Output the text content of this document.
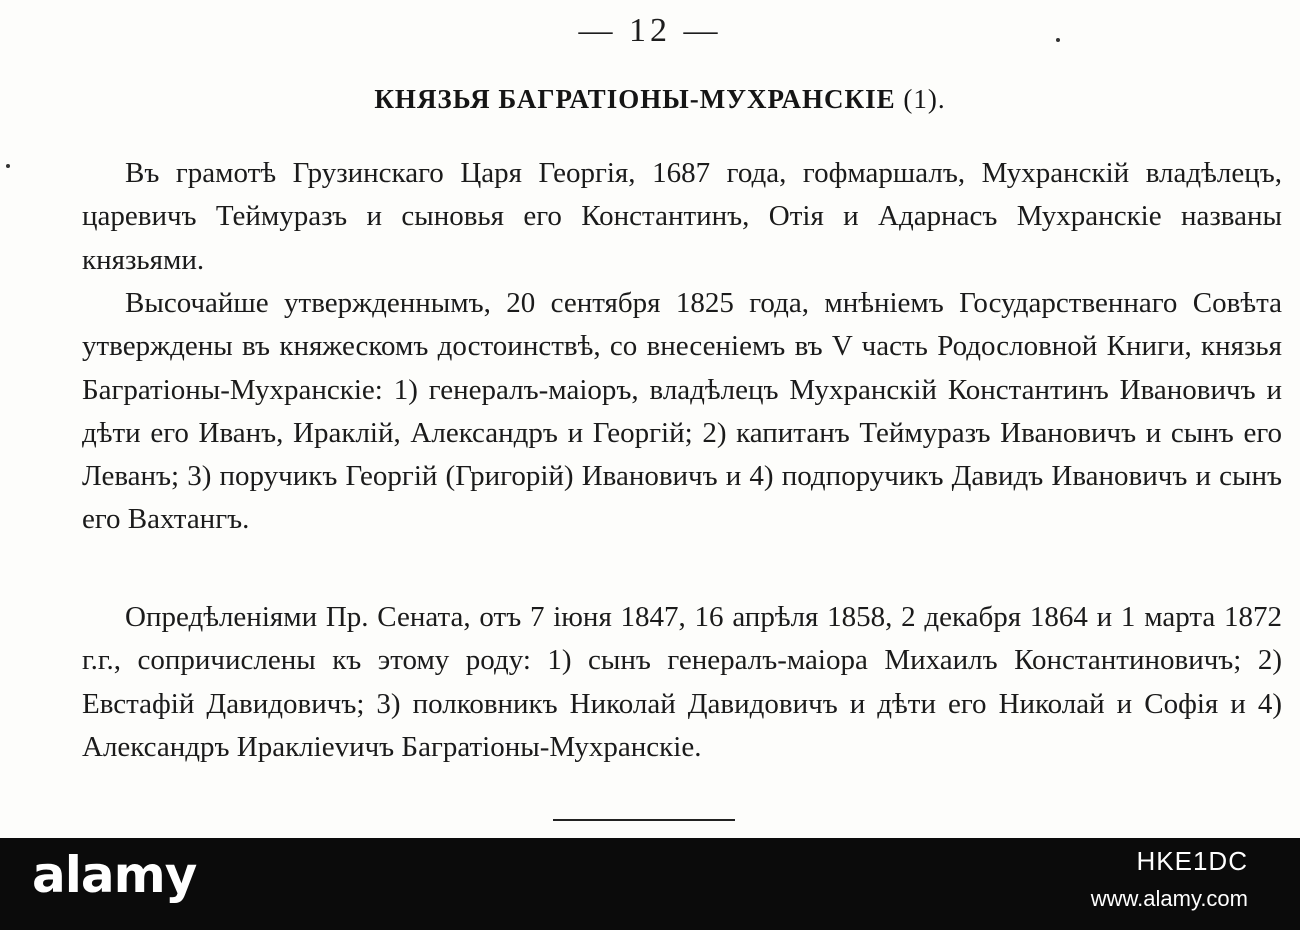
— 12 —
КНЯЗЬЯ БАГРАТІОНЫ-МУХРАНСКІЕ (1).

Въ грамотѣ Грузинскаго Царя Георгія, 1687 года, гофмаршалъ, Мухранскій владѣлецъ, царевичъ Теймуразъ и сыновья его Константинъ, Отія и Адарнасъ Мухранскіе названы князьями.

Высочайше утвержденнымъ, 20 сентября 1825 года, мнѣніемъ Государственнаго Совѣта утверждены въ княжескомъ достоинствѣ, со внесеніемъ въ V часть Родословной Книги, князья Багратіоны-Мухранскіе: 1) генералъ-маіоръ, владѣлецъ Мухранскій Константинъ Ивановичъ и дѣти его Иванъ, Ираклій, Александръ и Георгій; 2) капитанъ Теймуразъ Ивановичъ и сынъ его Леванъ; 3) поручикъ Георгій (Григорій) Ивановичъ и 4) подпоручикъ Давидъ Ивановичъ и сынъ его Вахтангъ.

Опредѣленіями Пр. Сената, отъ 7 іюня 1847, 16 апрѣля 1858, 2 декабря 1864 и 1 марта 1872 г.г., сопричислены къ этому роду: 1) сынъ генералъ-маіора Михаилъ Константиновичъ; 2) Евстафій Давидовичъ; 3) полковникъ Николай Давидовичъ и дѣти его Николай и Софія и 4) Александръ Ираклievичъ Багратіоны-Мухранскіе.

alamy	HKE1DC
www.alamy.com
